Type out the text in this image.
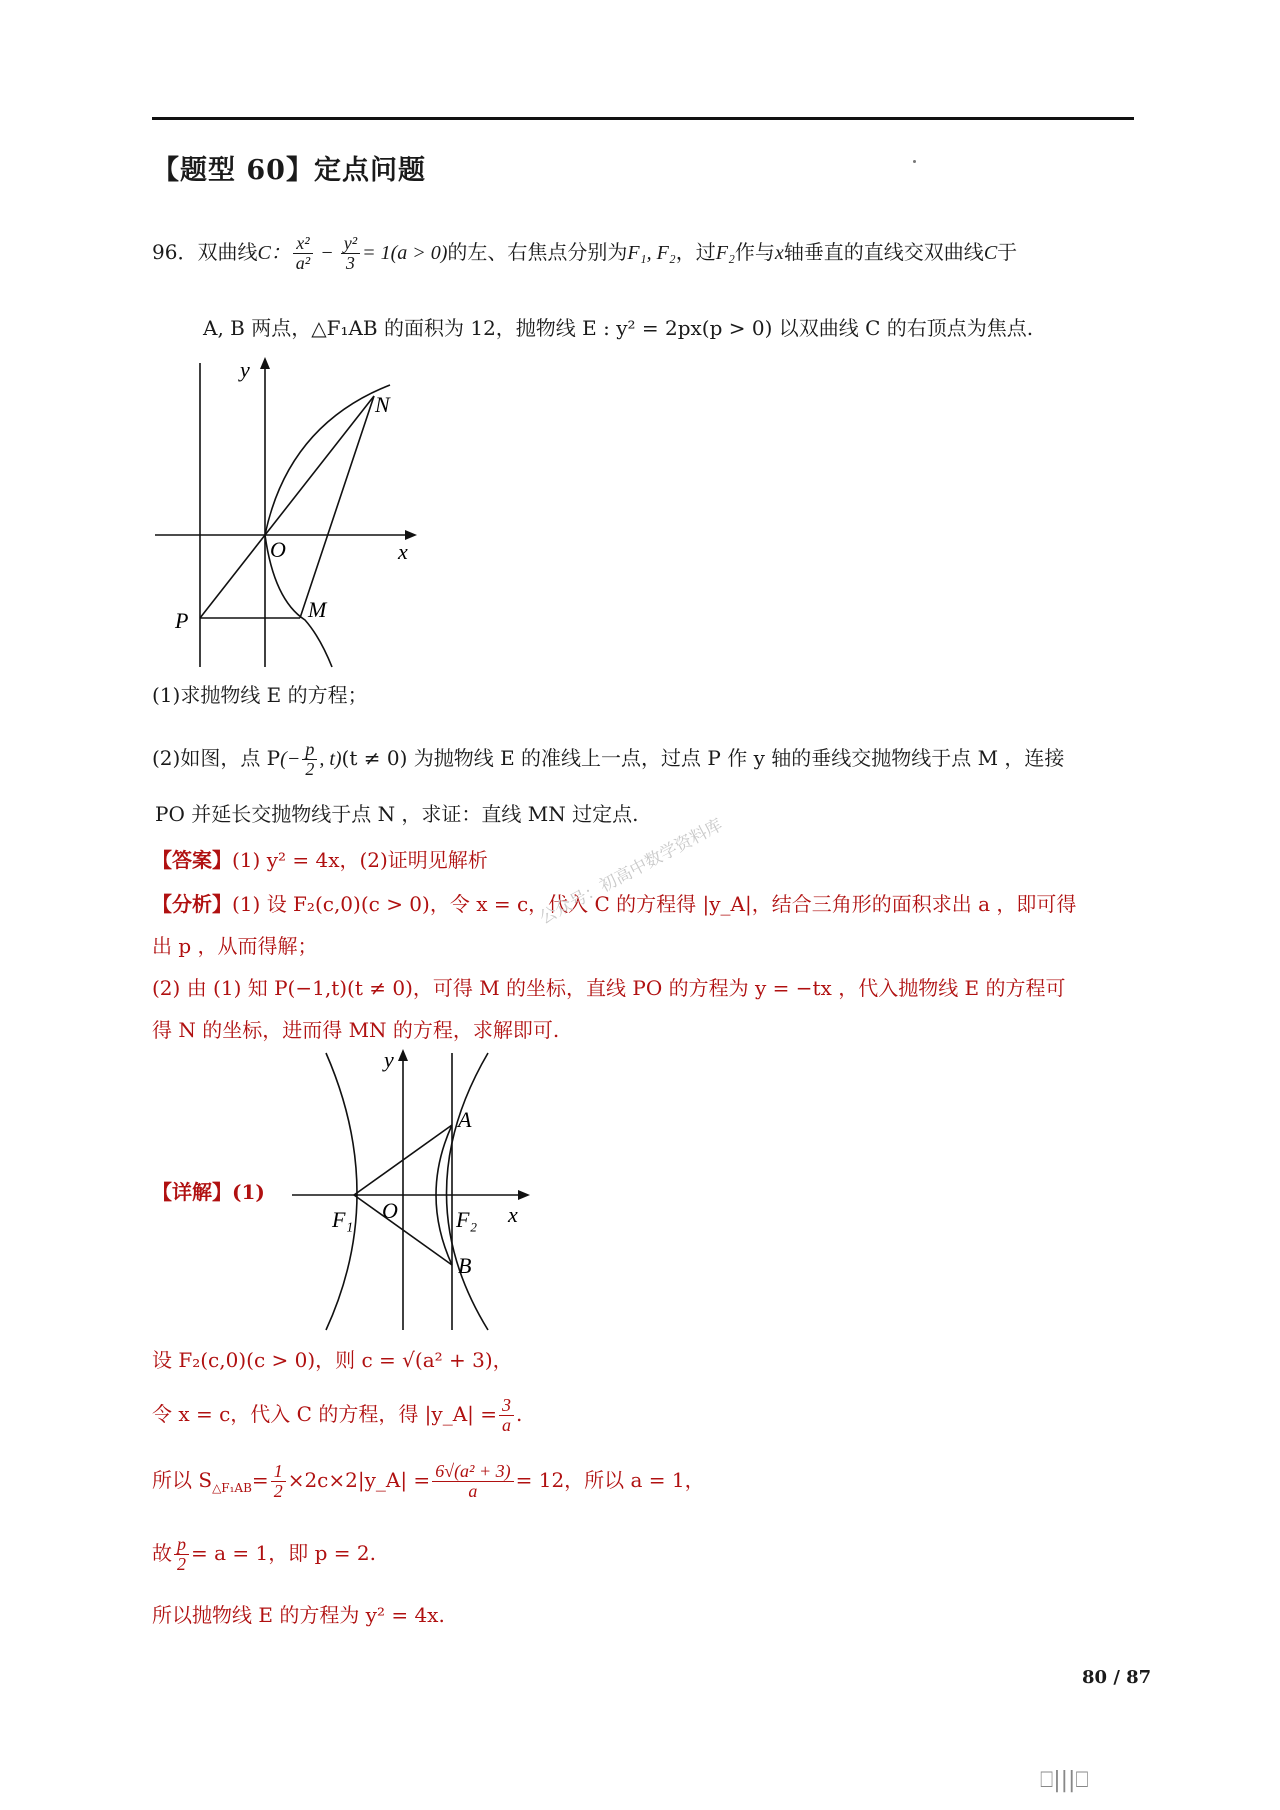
【题型 60】定点问题
96．双曲线C： $\frac{\text{x²}}{\text{a²}} - \frac{\text{y²}}{3} = 1(a > 0)$的左、右焦点分别为F₁, F₂，过F₂作与x轴垂直的直线交双曲线C于
A, B 两点，△F₁AB 的面积为 12，抛物线 E : y² = 2px(p > 0) 以双曲线 C 的右顶点为焦点.
y
x
O
N
M
P
(1)求抛物线 E 的方程；
(2)如图，点 $P(- \frac{p}{2}$ , t)(t ≠ 0) 为抛物线 E 的准线上一点，过点 P 作 y 轴的垂线交抛物线于点 M ，连接
PO 并延长交抛物线于点 N ，求证：直线 MN 过定点.
【答案】(1) y² = 4x，(2)证明见解析
【分析】(1) 设 F₂(c,0)(c > 0)，令 x = c，代入 C 的方程得 |y_A|，结合三角形的面积求出 a ，即可得
出 p ，从而得解；
(2) 由 (1) 知 P(−1,t)(t ≠ 0)，可得 M 的坐标，直线 PO 的方程为 y = −tx ，代入抛物线 E 的方程可
得 N 的坐标，进而得 MN 的方程，求解即可.
公众号：初高中数学资料库
【详解】(1)
y
x
O
A
B
F₁	F₂
设 F₂(c,0)(c > 0)，则 c = √(a² + 3)，
令 x = c，代入 C 的方程，得 |y_A| = $\frac{3}{a}$ .
所以 $S_{\triangle F_1AB}= \frac{1}{2}$ ×2c×2|y_A| = $\frac{\text{6√(a² + 3)}}{a} = 12$，所以 a = 1，
故 $\frac{p}{2} = a = 1$，即 p = 2.
所以抛物线 E 的方程为 y² = 4x.
80 / 87
⎕|||⎕
